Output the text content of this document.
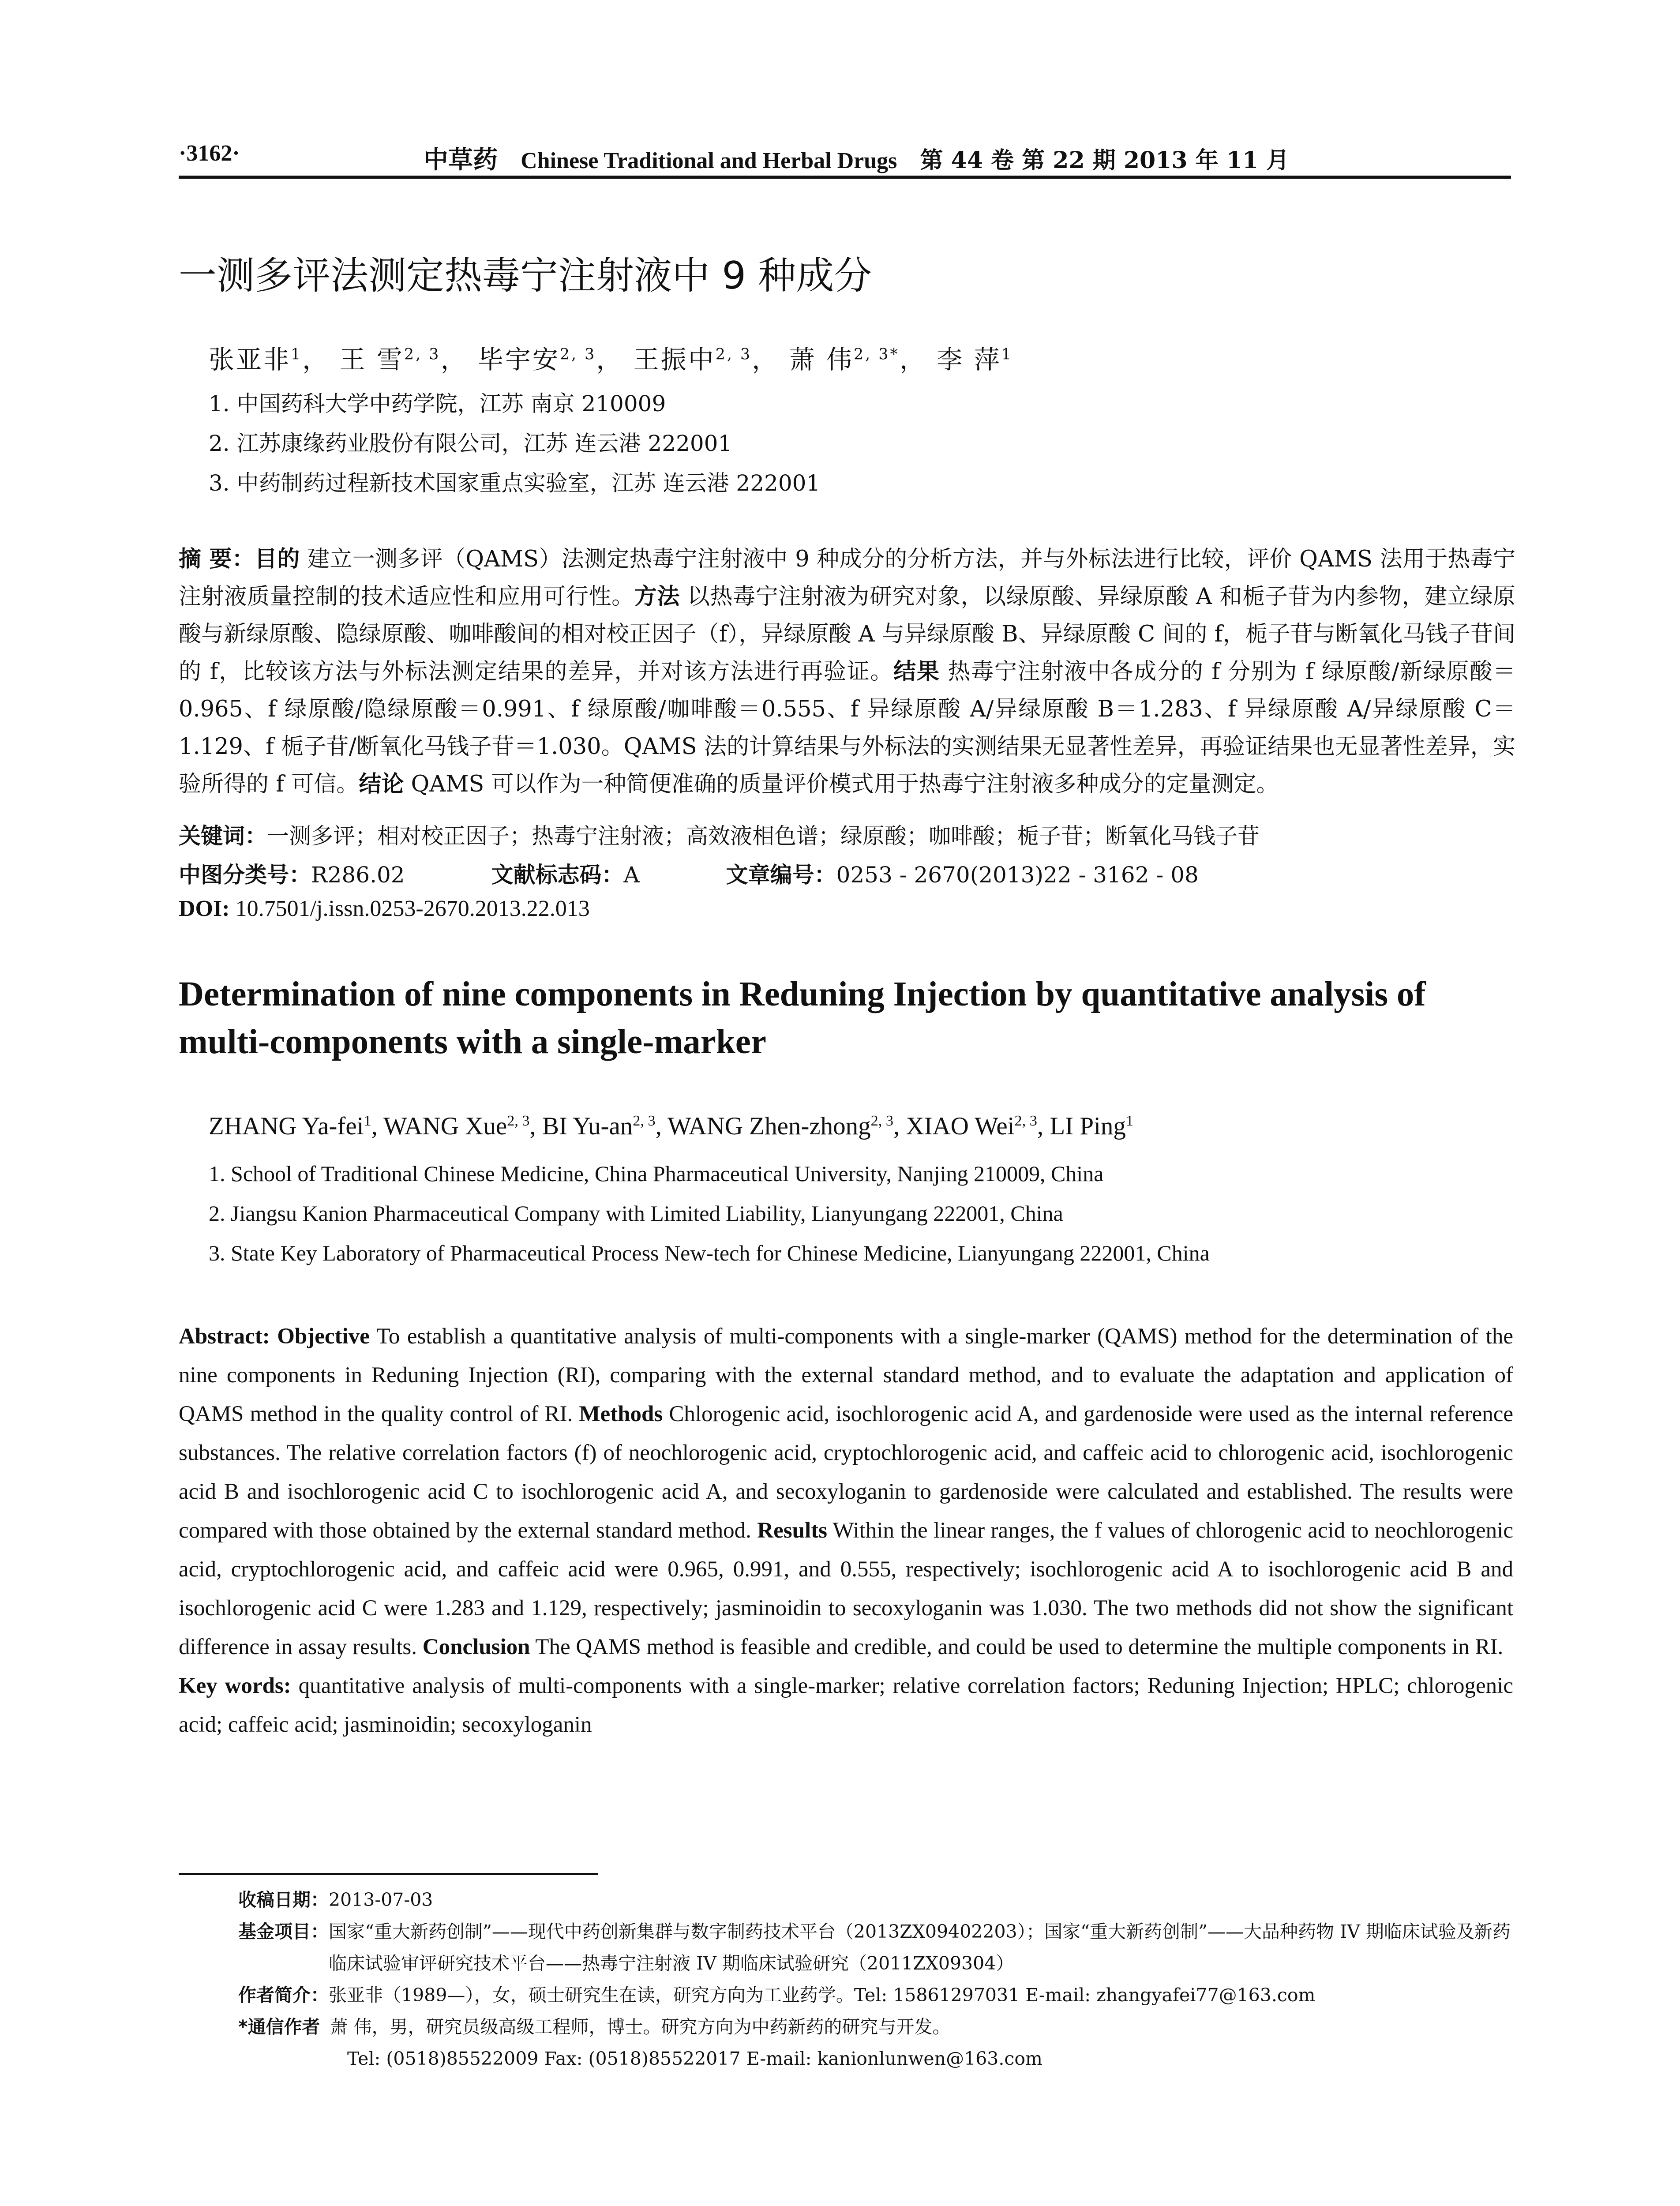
·3162·	中草药 Chinese Traditional and Herbal Drugs 第 44 卷 第 22 期 2013 年 11 月
一测多评法测定热毒宁注射液中 9 种成分
张亚非$^1$， 王 雪$^{2, 3}$， 毕宇安$^{2, 3}$， 王振中$^{2, 3}$， 萧 伟$^{2, 3*}$， 李 萍$^1$
1. 中国药科大学中药学院，江苏 南京 210009
2. 江苏康缘药业股份有限公司，江苏 连云港 222001
3. 中药制药过程新技术国家重点实验室，江苏 连云港 222001
摘 要：目的 建立一测多评（QAMS）法测定热毒宁注射液中 9 种成分的分析方法，并与外标法进行比较，评价 QAMS 法用于热毒宁注射液质量控制的技术适应性和应用可行性。方法 以热毒宁注射液为研究对象，以绿原酸、异绿原酸 A 和栀子苷为内参物，建立绿原酸与新绿原酸、隐绿原酸、咖啡酸间的相对校正因子（f），异绿原酸 A 与异绿原酸 B、异绿原酸 C 间的 f，栀子苷与断氧化马钱子苷间的 f，比较该方法与外标法测定结果的差异，并对该方法进行再验证。结果 热毒宁注射液中各成分的 f 分别为 f 绿原酸/新绿原酸＝0.965、f 绿原酸/隐绿原酸＝0.991、f 绿原酸/咖啡酸＝0.555、f 异绿原酸 A/异绿原酸 B＝1.283、f 异绿原酸 A/异绿原酸 C＝1.129、f 栀子苷/断氧化马钱子苷＝1.030。QAMS 法的计算结果与外标法的实测结果无显著性差异，再验证结果也无显著性差异，实验所得的 f 可信。结论 QAMS 可以作为一种简便准确的质量评价模式用于热毒宁注射液多种成分的定量测定。
关键词：一测多评；相对校正因子；热毒宁注射液；高效液相色谱；绿原酸；咖啡酸；栀子苷；断氧化马钱子苷
中图分类号：R286.02	文献标志码：A	文章编号：0253 - 2670(2013)22 - 3162 - 08
DOI: 10.7501/j.issn.0253-2670.2013.22.013
Determination of nine components in Reduning Injection by quantitative analysis of multi-components with a single-marker
ZHANG Ya-fei$^1$, WANG Xue$^{2, 3}$, BI Yu-an$^{2, 3}$, WANG Zhen-zhong$^{2, 3}$, XIAO Wei$^{2, 3}$, LI Ping$^1$
1. School of Traditional Chinese Medicine, China Pharmaceutical University, Nanjing 210009, China
2. Jiangsu Kanion Pharmaceutical Company with Limited Liability, Lianyungang 222001, China
3. State Key Laboratory of Pharmaceutical Process New-tech for Chinese Medicine, Lianyungang 222001, China
Abstract: Objective To establish a quantitative analysis of multi-components with a single-marker (QAMS) method for the determination of the nine components in Reduning Injection (RI), comparing with the external standard method, and to evaluate the adaptation and application of QAMS method in the quality control of RI. Methods Chlorogenic acid, isochlorogenic acid A, and gardenoside were used as the internal reference substances. The relative correlation factors (f) of neochlorogenic acid, cryptochlorogenic acid, and caffeic acid to chlorogenic acid, isochlorogenic acid B and isochlorogenic acid C to isochlorogenic acid A, and secoxyloganin to gardenoside were calculated and established. The results were compared with those obtained by the external standard method. Results Within the linear ranges, the f values of chlorogenic acid to neochlorogenic acid, cryptochlorogenic acid, and caffeic acid were 0.965, 0.991, and 0.555, respectively; isochlorogenic acid A to isochlorogenic acid B and isochlorogenic acid C were 1.283 and 1.129, respectively; jasminoidin to secoxyloganin was 1.030. The two methods did not show the significant difference in assay results. Conclusion The QAMS method is feasible and credible, and could be used to determine the multiple components in RI.
Key words: quantitative analysis of multi-components with a single-marker; relative correlation factors; Reduning Injection; HPLC; chlorogenic acid; caffeic acid; jasminoidin; secoxyloganin
收稿日期： 2013-07-03
基金项目： 国家“重大新药创制”——现代中药创新集群与数字制药技术平台（2013ZX09402203）；国家“重大新药创制”——大品种药物 IV 期临床试验及新药临床试验审评研究技术平台——热毒宁注射液 IV 期临床试验研究（2011ZX09304）
作者简介： 张亚非（1989—），女，硕士研究生在读，研究方向为工业药学。Tel: 15861297031 E-mail: zhangyafei77@163.com
*通信作者 萧 伟，男，研究员级高级工程师，博士。研究方向为中药新药的研究与开发。
Tel: (0518)85522009 Fax: (0518)85522017 E-mail: kanionlunwen@163.com
